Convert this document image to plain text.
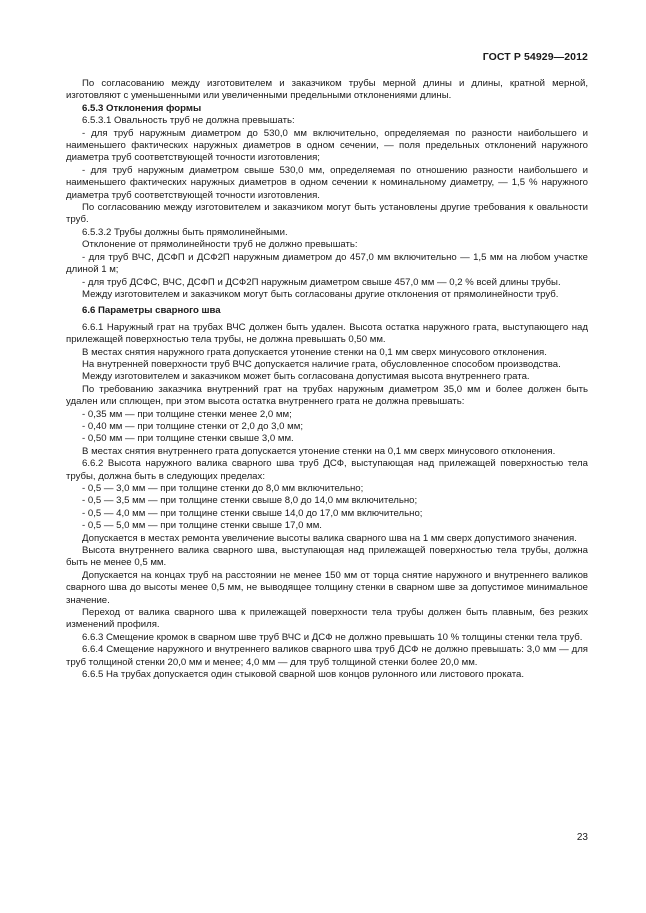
ГОСТ Р 54929—2012

По согласованию между изготовителем и заказчиком трубы мерной длины и длины, кратной мерной, изготовляют с уменьшенными или увеличенными предельными отклонениями длины.

6.5.3 Отклонения формы

6.5.3.1 Овальность труб не должна превышать:

- для труб наружным диаметром до 530,0 мм включительно, определяемая по разности наибольшего и наименьшего фактических наружных диаметров в одном сечении, — поля предельных отклонений наружного диаметра труб соответствующей точности изготовления;

- для труб наружным диаметром свыше 530,0 мм, определяемая по отношению разности наибольшего и наименьшего фактических наружных диаметров в одном сечении к номинальному диаметру, — 1,5 % наружного диаметра труб соответствующей точности изготовления.

По согласованию между изготовителем и заказчиком могут быть установлены другие требования к овальности труб.

6.5.3.2 Трубы должны быть прямолинейными.

Отклонение от прямолинейности труб не должно превышать:

- для труб ВЧС, ДСФП и ДСФ2П наружным диаметром до 457,0 мм включительно — 1,5 мм на любом участке длиной 1 м;

- для труб ДСФС, ВЧС, ДСФП и ДСФ2П наружным диаметром свыше 457,0 мм — 0,2 % всей длины трубы.

Между изготовителем и заказчиком могут быть согласованы другие отклонения от прямолинейности труб.

6.6 Параметры сварного шва

6.6.1 Наружный грат на трубах ВЧС должен быть удален. Высота остатка наружного грата, выступающего над прилежащей поверхностью тела трубы, не должна превышать 0,50 мм.

В местах снятия наружного грата допускается утонение стенки на 0,1 мм сверх минусового отклонения.

На внутренней поверхности труб ВЧС допускается наличие грата, обусловленное способом производства.

Между изготовителем и заказчиком может быть согласована допустимая высота внутреннего грата.

По требованию заказчика внутренний грат на трубах наружным диаметром 35,0 мм и более должен быть удален или сплющен, при этом высота остатка внутреннего грата не должна превышать:

- 0,35 мм — при толщине стенки менее 2,0 мм;

- 0,40 мм — при толщине стенки от 2,0 до 3,0 мм;

- 0,50 мм — при толщине стенки свыше 3,0 мм.

В местах снятия внутреннего грата допускается утонение стенки на 0,1 мм сверх минусового отклонения.

6.6.2 Высота наружного валика сварного шва труб ДСФ, выступающая над прилежащей поверхностью тела трубы, должна быть в следующих пределах:

- 0,5 — 3,0 мм — при толщине стенки до 8,0 мм включительно;

- 0,5 — 3,5 мм — при толщине стенки свыше 8,0 до 14,0 мм включительно;

- 0,5 — 4,0 мм — при толщине стенки свыше 14,0 до 17,0 мм включительно;

- 0,5 — 5,0 мм — при толщине стенки свыше 17,0 мм.

Допускается в местах ремонта увеличение высоты валика сварного шва на 1 мм сверх допустимого значения.

Высота внутреннего валика сварного шва, выступающая над прилежащей поверхностью тела трубы, должна быть не менее 0,5 мм.

Допускается на концах труб на расстоянии не менее 150 мм от торца снятие наружного и внутреннего валиков сварного шва до высоты менее 0,5 мм, не выводящее толщину стенки в сварном шве за допустимое минимальное значение.

Переход от валика сварного шва к прилежащей поверхности тела трубы должен быть плавным, без резких изменений профиля.

6.6.3 Смещение кромок в сварном шве труб ВЧС и ДСФ не должно превышать 10 % толщины стенки тела труб.

6.6.4 Смещение наружного и внутреннего валиков сварного шва труб ДСФ не должно превышать: 3,0 мм — для труб толщиной стенки 20,0 мм и менее; 4,0 мм — для труб толщиной стенки более 20,0 мм.

6.6.5 На трубах допускается один стыковой сварной шов концов рулонного или листового проката.

23
